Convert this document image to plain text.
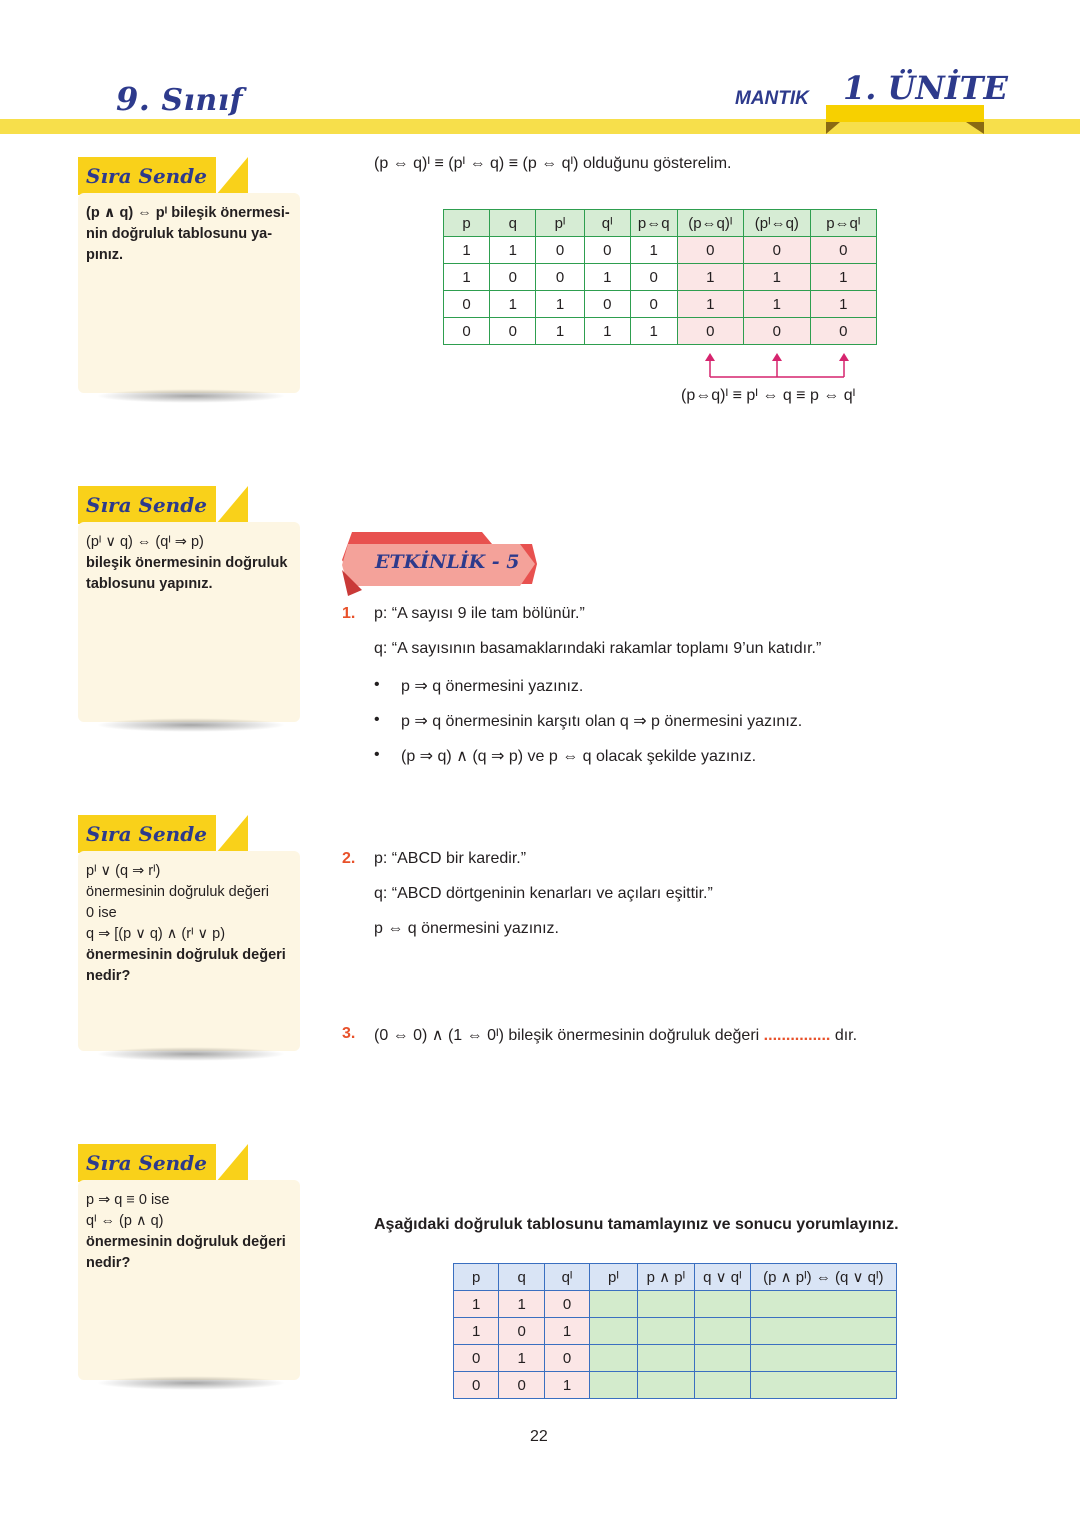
9. Sınıf	MANTIK 1. ÜNİTE
Sıra Sende
(p ∧ q) ⇔ pᴵ bileşik önermesi-
nin doğruluk tablosunu ya-
pınız.
Sıra Sende
(pᴵ ∨ q) ⇔ (qᴵ ⇒ p)
bileşik önermesinin doğruluk
tablosunu yapınız.
Sıra Sende
pᴵ ∨ (q ⇒ rᴵ)
önermesinin doğruluk değeri
0 ise
q ⇒ [(p ∨ q) ∧ (rᴵ ∨ p)
önermesinin doğruluk değeri
nedir?
Sıra Sende
p ⇒ q ≡ 0 ise
qᴵ ⇔ (p ∧ q)
önermesinin doğruluk değeri
nedir?
(p ⇔ q)ᴵ ≡ (pᴵ ⇔ q) ≡ (p ⇔ qᴵ) olduğunu gösterelim.
p	q	pᴵ	qᴵ	p⇔q	(p⇔q)ᴵ	(pᴵ⇔q)	p⇔qᴵ
1	1	0	0	1	0	0	0
1	0	0	1	0	1	1	1
0	1	1	0	0	1	1	1
0	0	1	1	1	0	0	0
(p⇔q)ᴵ ≡ pᴵ ⇔ q ≡ p ⇔ qᴵ
ETKİNLİK - 5
1. p: “A sayısı 9 ile tam bölünür.”
q: “A sayısının basamaklarındaki rakamlar toplamı 9’un katıdır.”
• p ⇒ q önermesini yazınız.
• p ⇒ q önermesinin karşıtı olan q ⇒ p önermesini yazınız.
• (p ⇒ q) ∧ (q ⇒ p) ve p ⇔ q olacak şekilde yazınız.
2. p: “ABCD bir karedir.”
q: “ABCD dörtgeninin kenarları ve açıları eşittir.”
p ⇔ q önermesini yazınız.
3. (0 ⇔ 0) ∧ (1 ⇔ 0ᴵ) bileşik önermesinin doğruluk değeri ............... dır.
Aşağıdaki doğruluk tablosunu tamamlayınız ve sonucu yorumlayınız.
p	q	qᴵ	pᴵ	p ∧ pᴵ	q ∨ qᴵ	(p ∧ pᴵ) ⇔ (q ∨ qᴵ)
1	1	0				
1	0	1				
0	1	0				
0	0	1				
22
